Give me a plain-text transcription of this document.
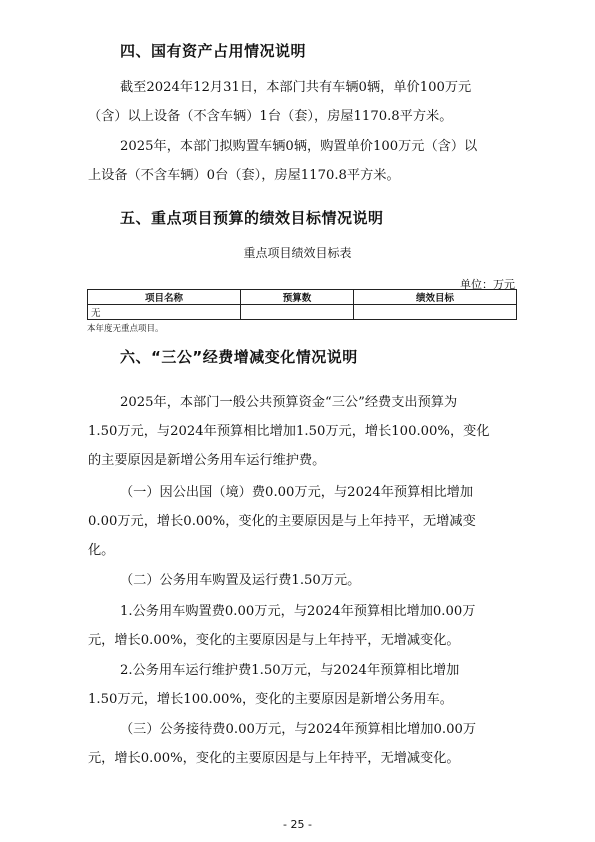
四、国有资产占用情况说明
截至2024年12月31日，本部门共有车辆0辆，单价100万元
（含）以上设备（不含车辆）1台（套），房屋1170.8平方米。
2025年，本部门拟购置车辆0辆，购置单价100万元（含）以
上设备（不含车辆）0台（套），房屋1170.8平方米。
五、重点项目预算的绩效目标情况说明
重点项目绩效目标表
单位：万元
项目名称	预算数	绩效目标
无		
本年度无重点项目。
六、“三公”经费增减变化情况说明
2025年，本部门一般公共预算资金“三公”经费支出预算为
1.50万元，与2024年预算相比增加1.50万元，增长100.00%，变化
的主要原因是新增公务用车运行维护费。
（一）因公出国（境）费0.00万元，与2024年预算相比增加
0.00万元，增长0.00%，变化的主要原因是与上年持平，无增减变
化。
（二）公务用车购置及运行费1.50万元。
1.公务用车购置费0.00万元，与2024年预算相比增加0.00万
元，增长0.00%，变化的主要原因是与上年持平，无增减变化。
2.公务用车运行维护费1.50万元，与2024年预算相比增加
1.50万元，增长100.00%，变化的主要原因是新增公务用车。
（三）公务接待费0.00万元，与2024年预算相比增加0.00万
元，增长0.00%，变化的主要原因是与上年持平，无增减变化。
- 25 -
